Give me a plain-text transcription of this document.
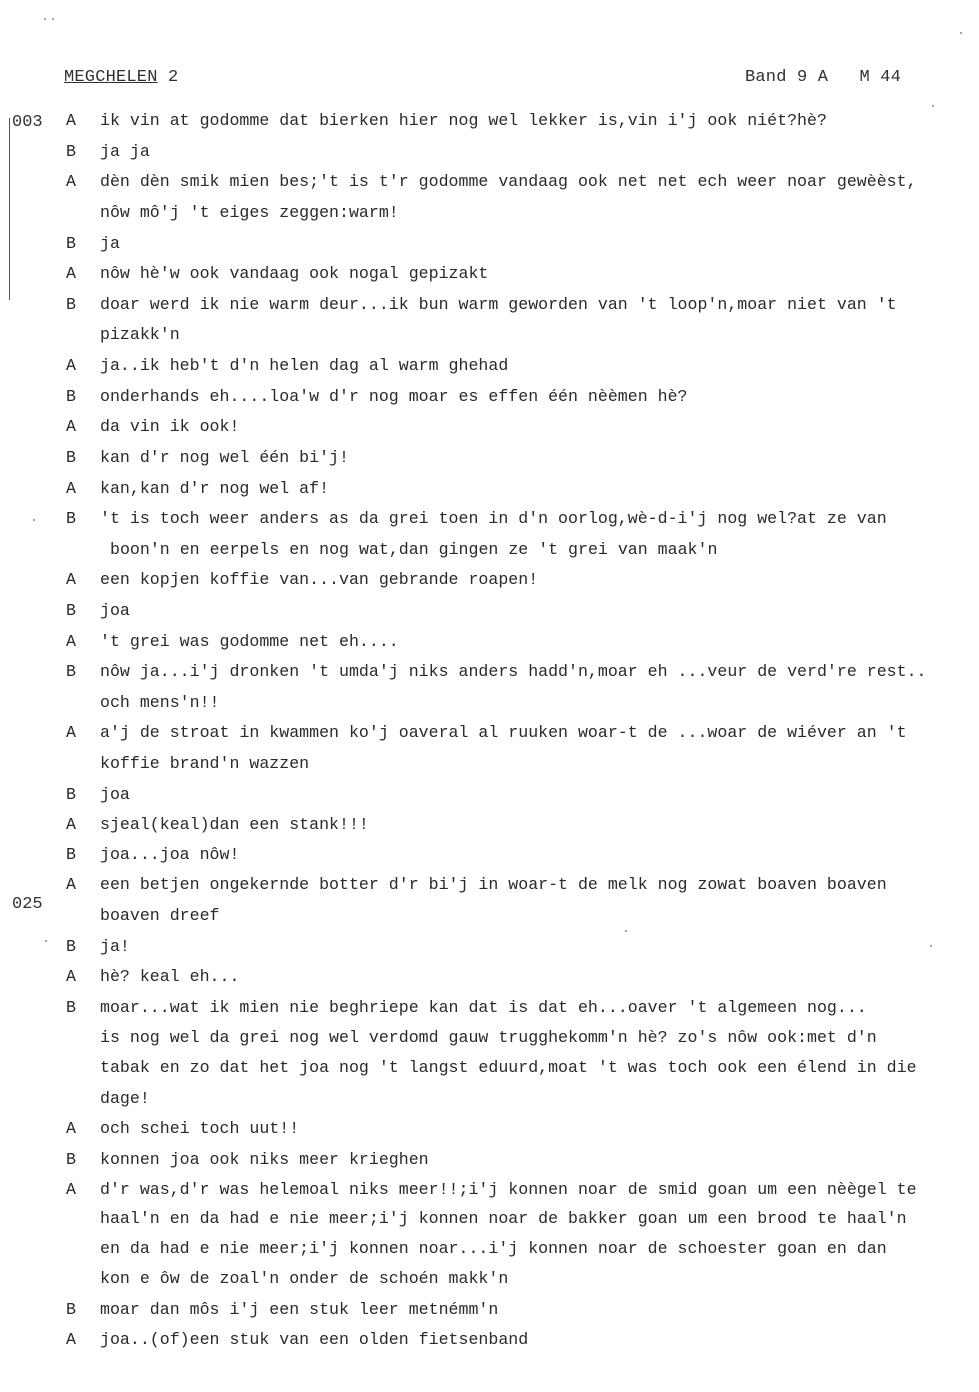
MEGCHELEN 2	Band 9 A M 44
003
025
A ik vin at godomme dat bierken hier nog wel lekker is,vin i'j ook niét?hè?
B ja ja
A dèn dèn smik mien bes;'t is t'r godomme vandaag ook net net ech weer noar gewèèst,
nôw mô'j 't eiges zeggen:warm!
B ja
A nôw hè'w ook vandaag ook nogal gepizakt
B doar werd ik nie warm deur...ik bun warm geworden van 't loop'n,moar niet van 't
pizakk'n
A ja..ik heb't d'n helen dag al warm ghehad
B onderhands eh....loa'w d'r nog moar es effen één nèèmen hè?
A da vin ik ook!
B kan d'r nog wel één bi'j!
A kan,kan d'r nog wel af!
B 't is toch weer anders as da grei toen in d'n oorlog,wè-d-i'j nog wel?at ze van
boon'n en eerpels en nog wat,dan gingen ze 't grei van maak'n
A een kopjen koffie van...van gebrande roapen!
B joa
A 't grei was godomme net eh....
B nôw ja...i'j dronken 't umda'j niks anders hadd'n,moar eh ...veur de verd're rest..
och mens'n!!
A a'j de stroat in kwammen ko'j oaveral al ruuken woar-t de ...woar de wiéver an 't
koffie brand'n wazzen
B joa
A sjeal(keal)dan een stank!!!
B joa...joa nôw!
A een betjen ongekernde botter d'r bi'j in woar-t de melk nog zowat boaven boaven
boaven dreef
B ja!
A hè? keal eh...
B moar...wat ik mien nie beghriepe kan dat is dat eh...oaver 't algemeen nog...
is nog wel da grei nog wel verdomd gauw trugghekomm'n hè? zo's nôw ook:met d'n
tabak en zo dat het joa nog 't langst eduurd,moat 't was toch ook een élend in die
dage!
A och schei toch uut!!
B konnen joa ook niks meer krieghen
A d'r was,d'r was helemoal niks meer!!;i'j konnen noar de smid goan um een nèègel te
haal'n en da had e nie meer;i'j konnen noar de bakker goan um een brood te haal'n
en da had e nie meer;i'j konnen noar...i'j konnen noar de schoester goan en dan
kon e ôw de zoal'n onder de schoén makk'n
B moar dan môs i'j een stuk leer metnémm'n
A joa..(of)een stuk van een olden fietsenband
